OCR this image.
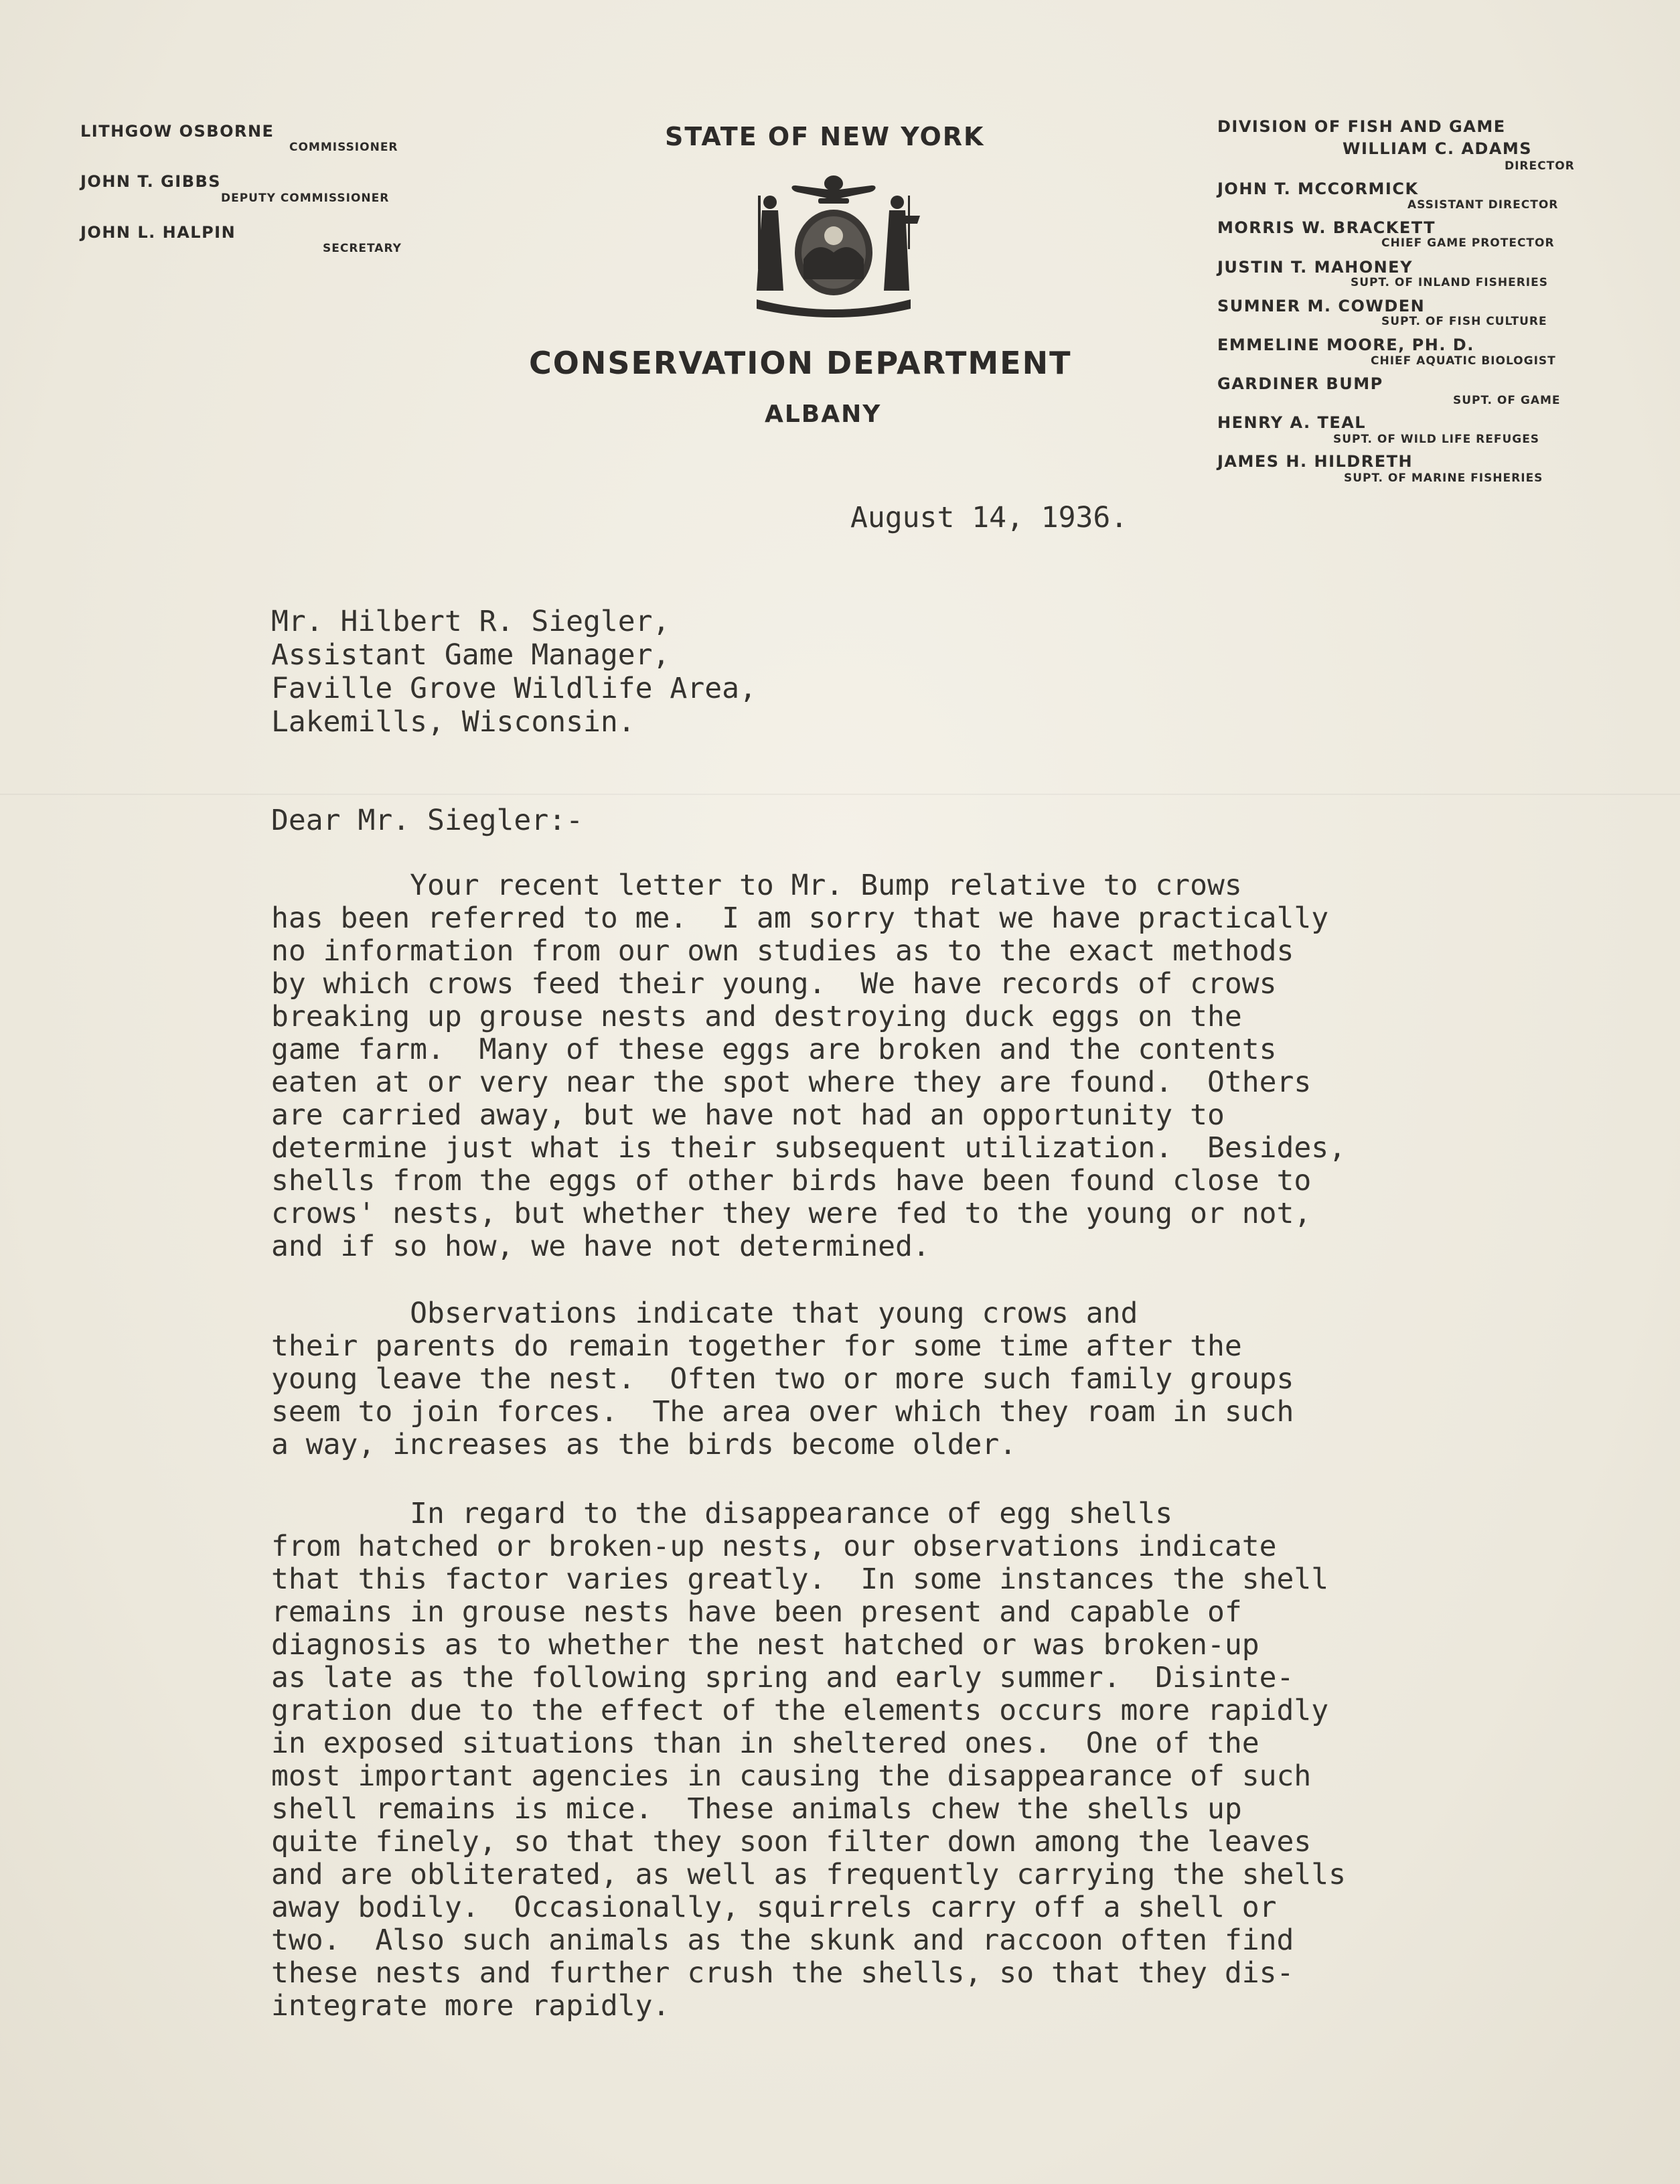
LITHGOW OSBORNE
COMMISSIONER
JOHN T. GIBBS
DEPUTY COMMISSIONER
JOHN L. HALPIN
SECRETARY
STATE OF NEW YORK
CONSERVATION DEPARTMENT
ALBANY
DIVISION OF FISH AND GAME
WILLIAM C. ADAMS
DIRECTOR
JOHN T. MCCORMICK
ASSISTANT DIRECTOR
MORRIS W. BRACKETT
CHIEF GAME PROTECTOR
JUSTIN T. MAHONEY
SUPT. OF INLAND FISHERIES
SUMNER M. COWDEN
SUPT. OF FISH CULTURE
EMMELINE MOORE, PH. D.
CHIEF AQUATIC BIOLOGIST
GARDINER BUMP
SUPT. OF GAME
HENRY A. TEAL
SUPT. OF WILD LIFE REFUGES
JAMES H. HILDRETH
SUPT. OF MARINE FISHERIES
August 14, 1936.
Mr. Hilbert R. Siegler,
Assistant Game Manager,
Faville Grove Wildlife Area,
Lakemills, Wisconsin.
Dear Mr. Siegler:-
Your recent letter to Mr. Bump relative to crows
has been referred to me.  I am sorry that we have practically
no information from our own studies as to the exact methods
by which crows feed their young.  We have records of crows
breaking up grouse nests and destroying duck eggs on the
game farm.  Many of these eggs are broken and the contents
eaten at or very near the spot where they are found.  Others
are carried away, but we have not had an opportunity to
determine just what is their subsequent utilization.  Besides,
shells from the eggs of other birds have been found close to
crows' nests, but whether they were fed to the young or not,
and if so how, we have not determined.
Observations indicate that young crows and
their parents do remain together for some time after the
young leave the nest.  Often two or more such family groups
seem to join forces.  The area over which they roam in such
a way, increases as the birds become older.
In regard to the disappearance of egg shells
from hatched or broken-up nests, our observations indicate
that this factor varies greatly.  In some instances the shell
remains in grouse nests have been present and capable of
diagnosis as to whether the nest hatched or was broken-up
as late as the following spring and early summer.  Disinte-
gration due to the effect of the elements occurs more rapidly
in exposed situations than in sheltered ones.  One of the
most important agencies in causing the disappearance of such
shell remains is mice.  These animals chew the shells up
quite finely, so that they soon filter down among the leaves
and are obliterated, as well as frequently carrying the shells
away bodily.  Occasionally, squirrels carry off a shell or
two.  Also such animals as the skunk and raccoon often find
these nests and further crush the shells, so that they dis-
integrate more rapidly.
